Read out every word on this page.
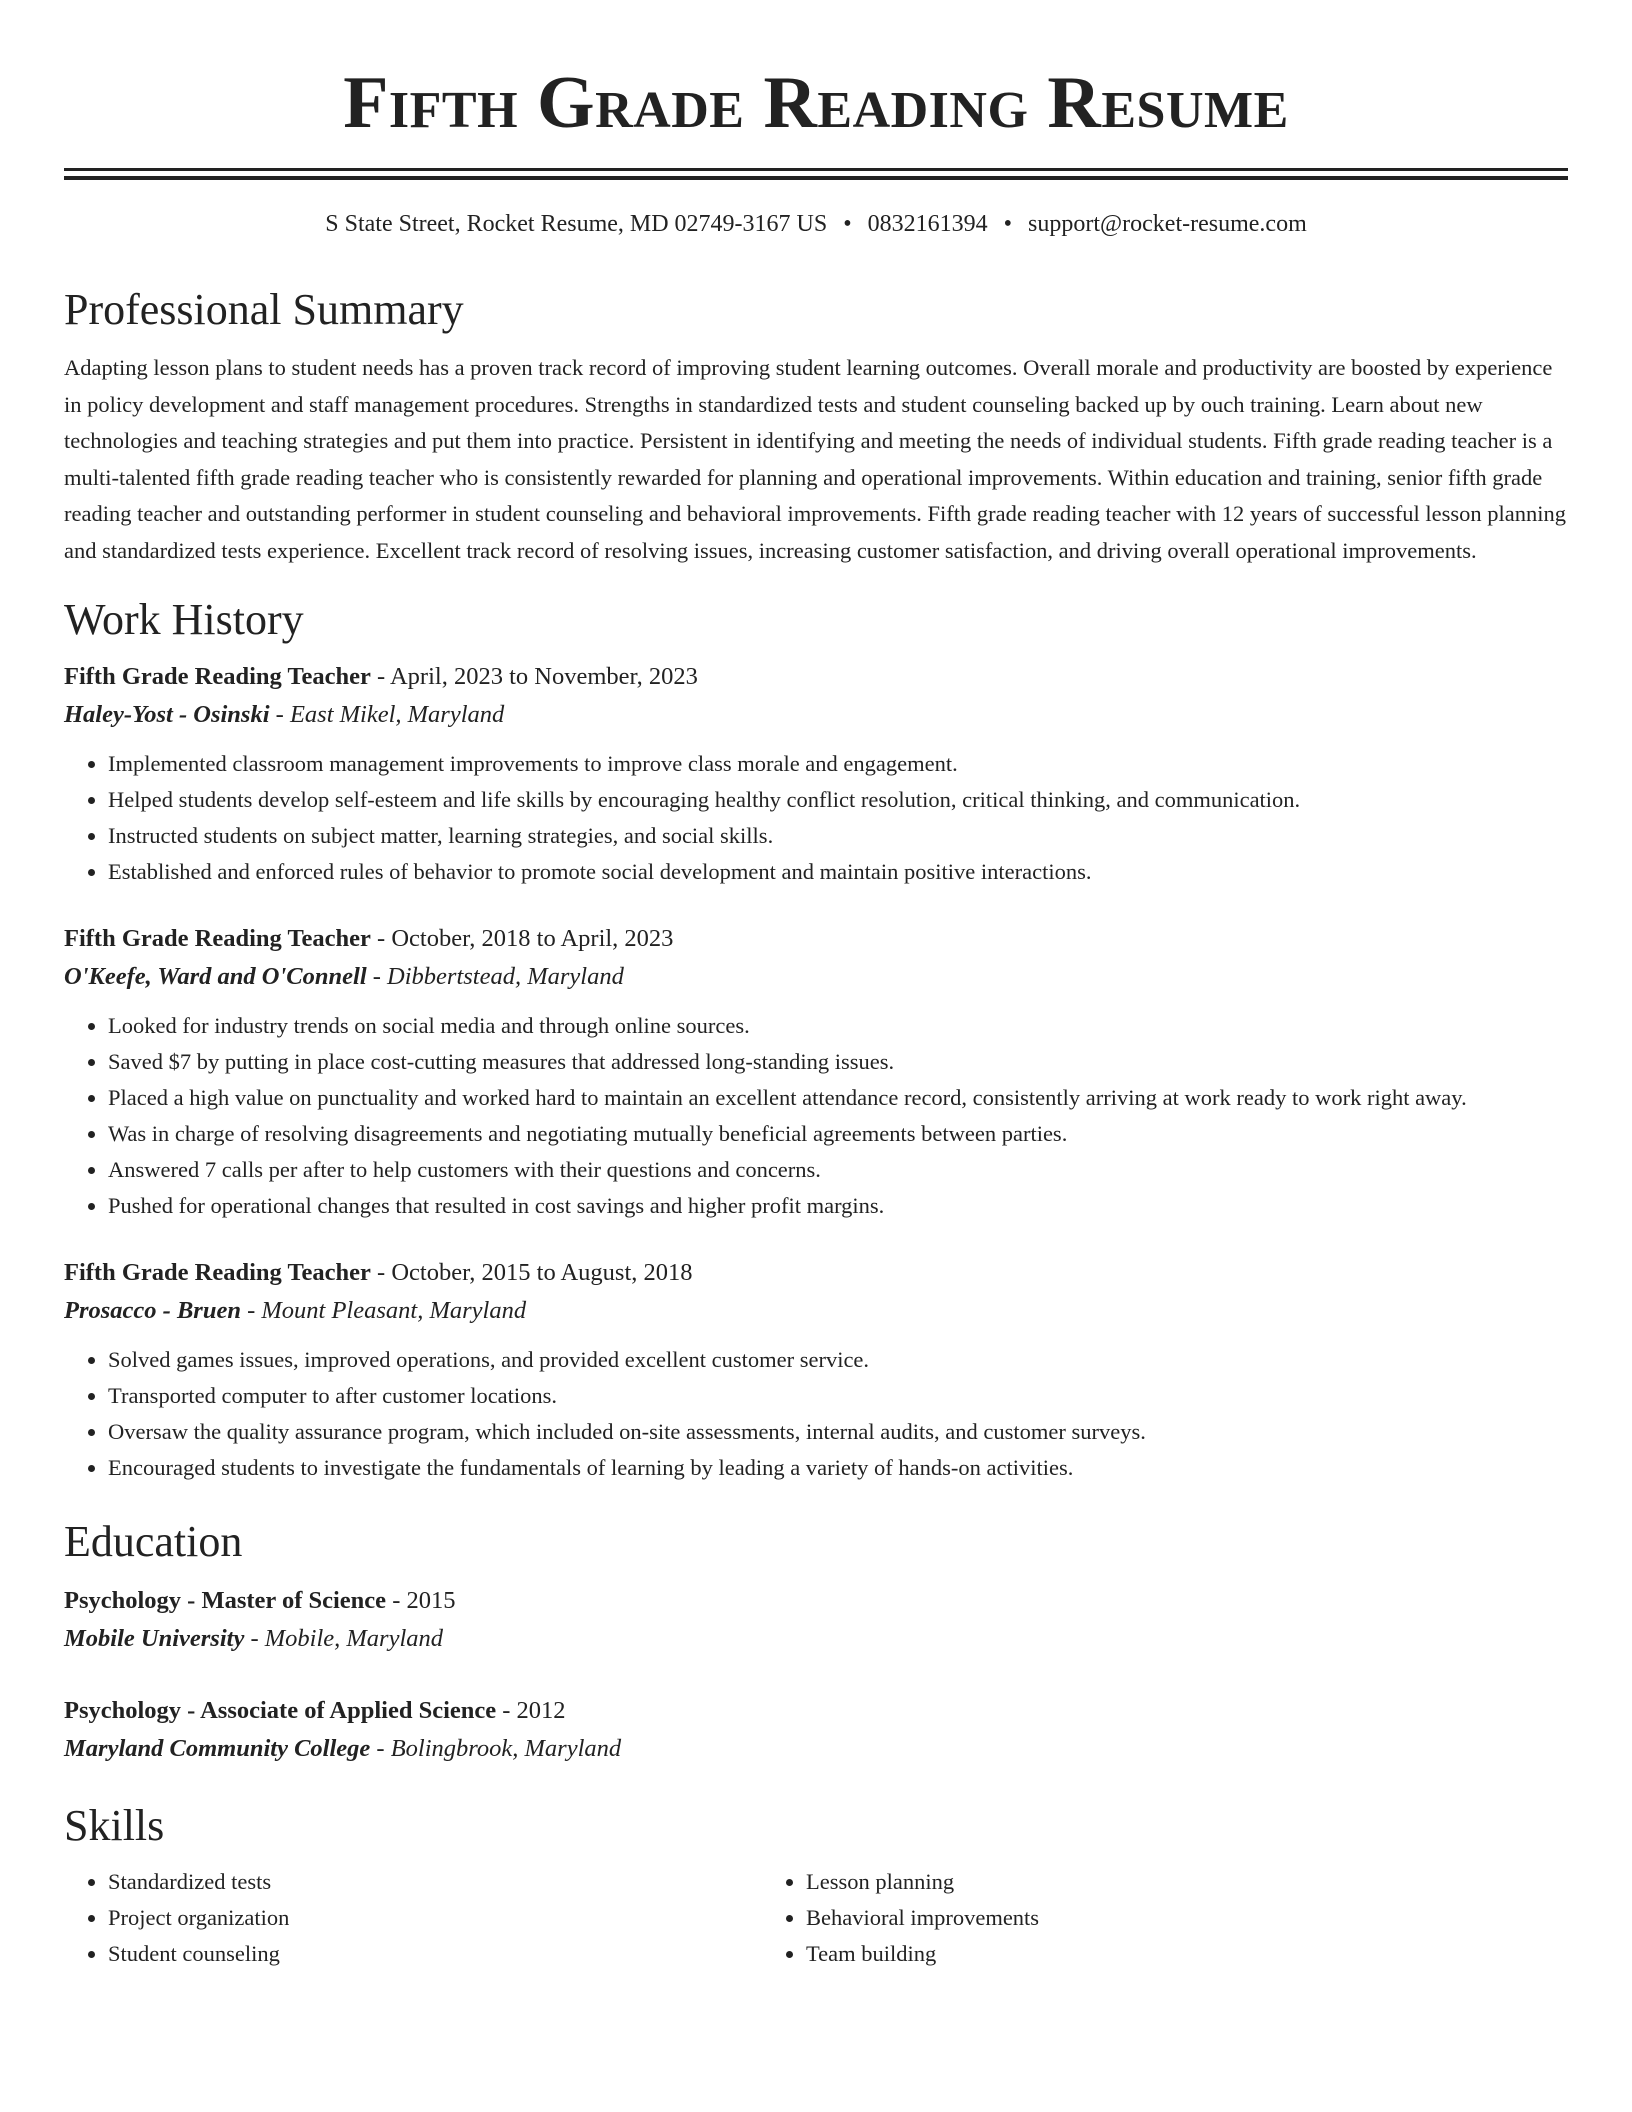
Fifth Grade Reading Resume
S State Street, Rocket Resume, MD 02749-3167 US • 0832161394 • support@rocket-resume.com
Professional Summary

Adapting lesson plans to student needs has a proven track record of improving student learning outcomes. Overall morale and productivity are boosted by experience in policy development and staff management procedures. Strengths in standardized tests and student counseling backed up by ouch training. Learn about new technologies and teaching strategies and put them into practice. Persistent in identifying and meeting the needs of individual students. Fifth grade reading teacher is a multi-talented fifth grade reading teacher who is consistently rewarded for planning and operational improvements. Within education and training, senior fifth grade reading teacher and outstanding performer in student counseling and behavioral improvements. Fifth grade reading teacher with 12 years of successful lesson planning and standardized tests experience. Excellent track record of resolving issues, increasing customer satisfaction, and driving overall operational improvements.

Work History
Fifth Grade Reading Teacher - April, 2023 to November, 2023
Haley-Yost - Osinski - East Mikel, Maryland
• Implemented classroom management improvements to improve class morale and engagement.
• Helped students develop self-esteem and life skills by encouraging healthy conflict resolution, critical thinking, and communication.
• Instructed students on subject matter, learning strategies, and social skills.
• Established and enforced rules of behavior to promote social development and maintain positive interactions.
Fifth Grade Reading Teacher - October, 2018 to April, 2023
O'Keefe, Ward and O'Connell - Dibbertstead, Maryland
• Looked for industry trends on social media and through online sources.
• Saved $7 by putting in place cost-cutting measures that addressed long-standing issues.
• Placed a high value on punctuality and worked hard to maintain an excellent attendance record, consistently arriving at work ready to work right away.
• Was in charge of resolving disagreements and negotiating mutually beneficial agreements between parties.
• Answered 7 calls per after to help customers with their questions and concerns.
• Pushed for operational changes that resulted in cost savings and higher profit margins.
Fifth Grade Reading Teacher - October, 2015 to August, 2018
Prosacco - Bruen - Mount Pleasant, Maryland
• Solved games issues, improved operations, and provided excellent customer service.
• Transported computer to after customer locations.
• Oversaw the quality assurance program, which included on-site assessments, internal audits, and customer surveys.
• Encouraged students to investigate the fundamentals of learning by leading a variety of hands-on activities.
Education
Psychology - Master of Science - 2015
Mobile University - Mobile, Maryland
Psychology - Associate of Applied Science - 2012
Maryland Community College - Bolingbrook, Maryland
Skills
• Standardized tests
• Project organization
• Student counseling
• Lesson planning
• Behavioral improvements
• Team building
